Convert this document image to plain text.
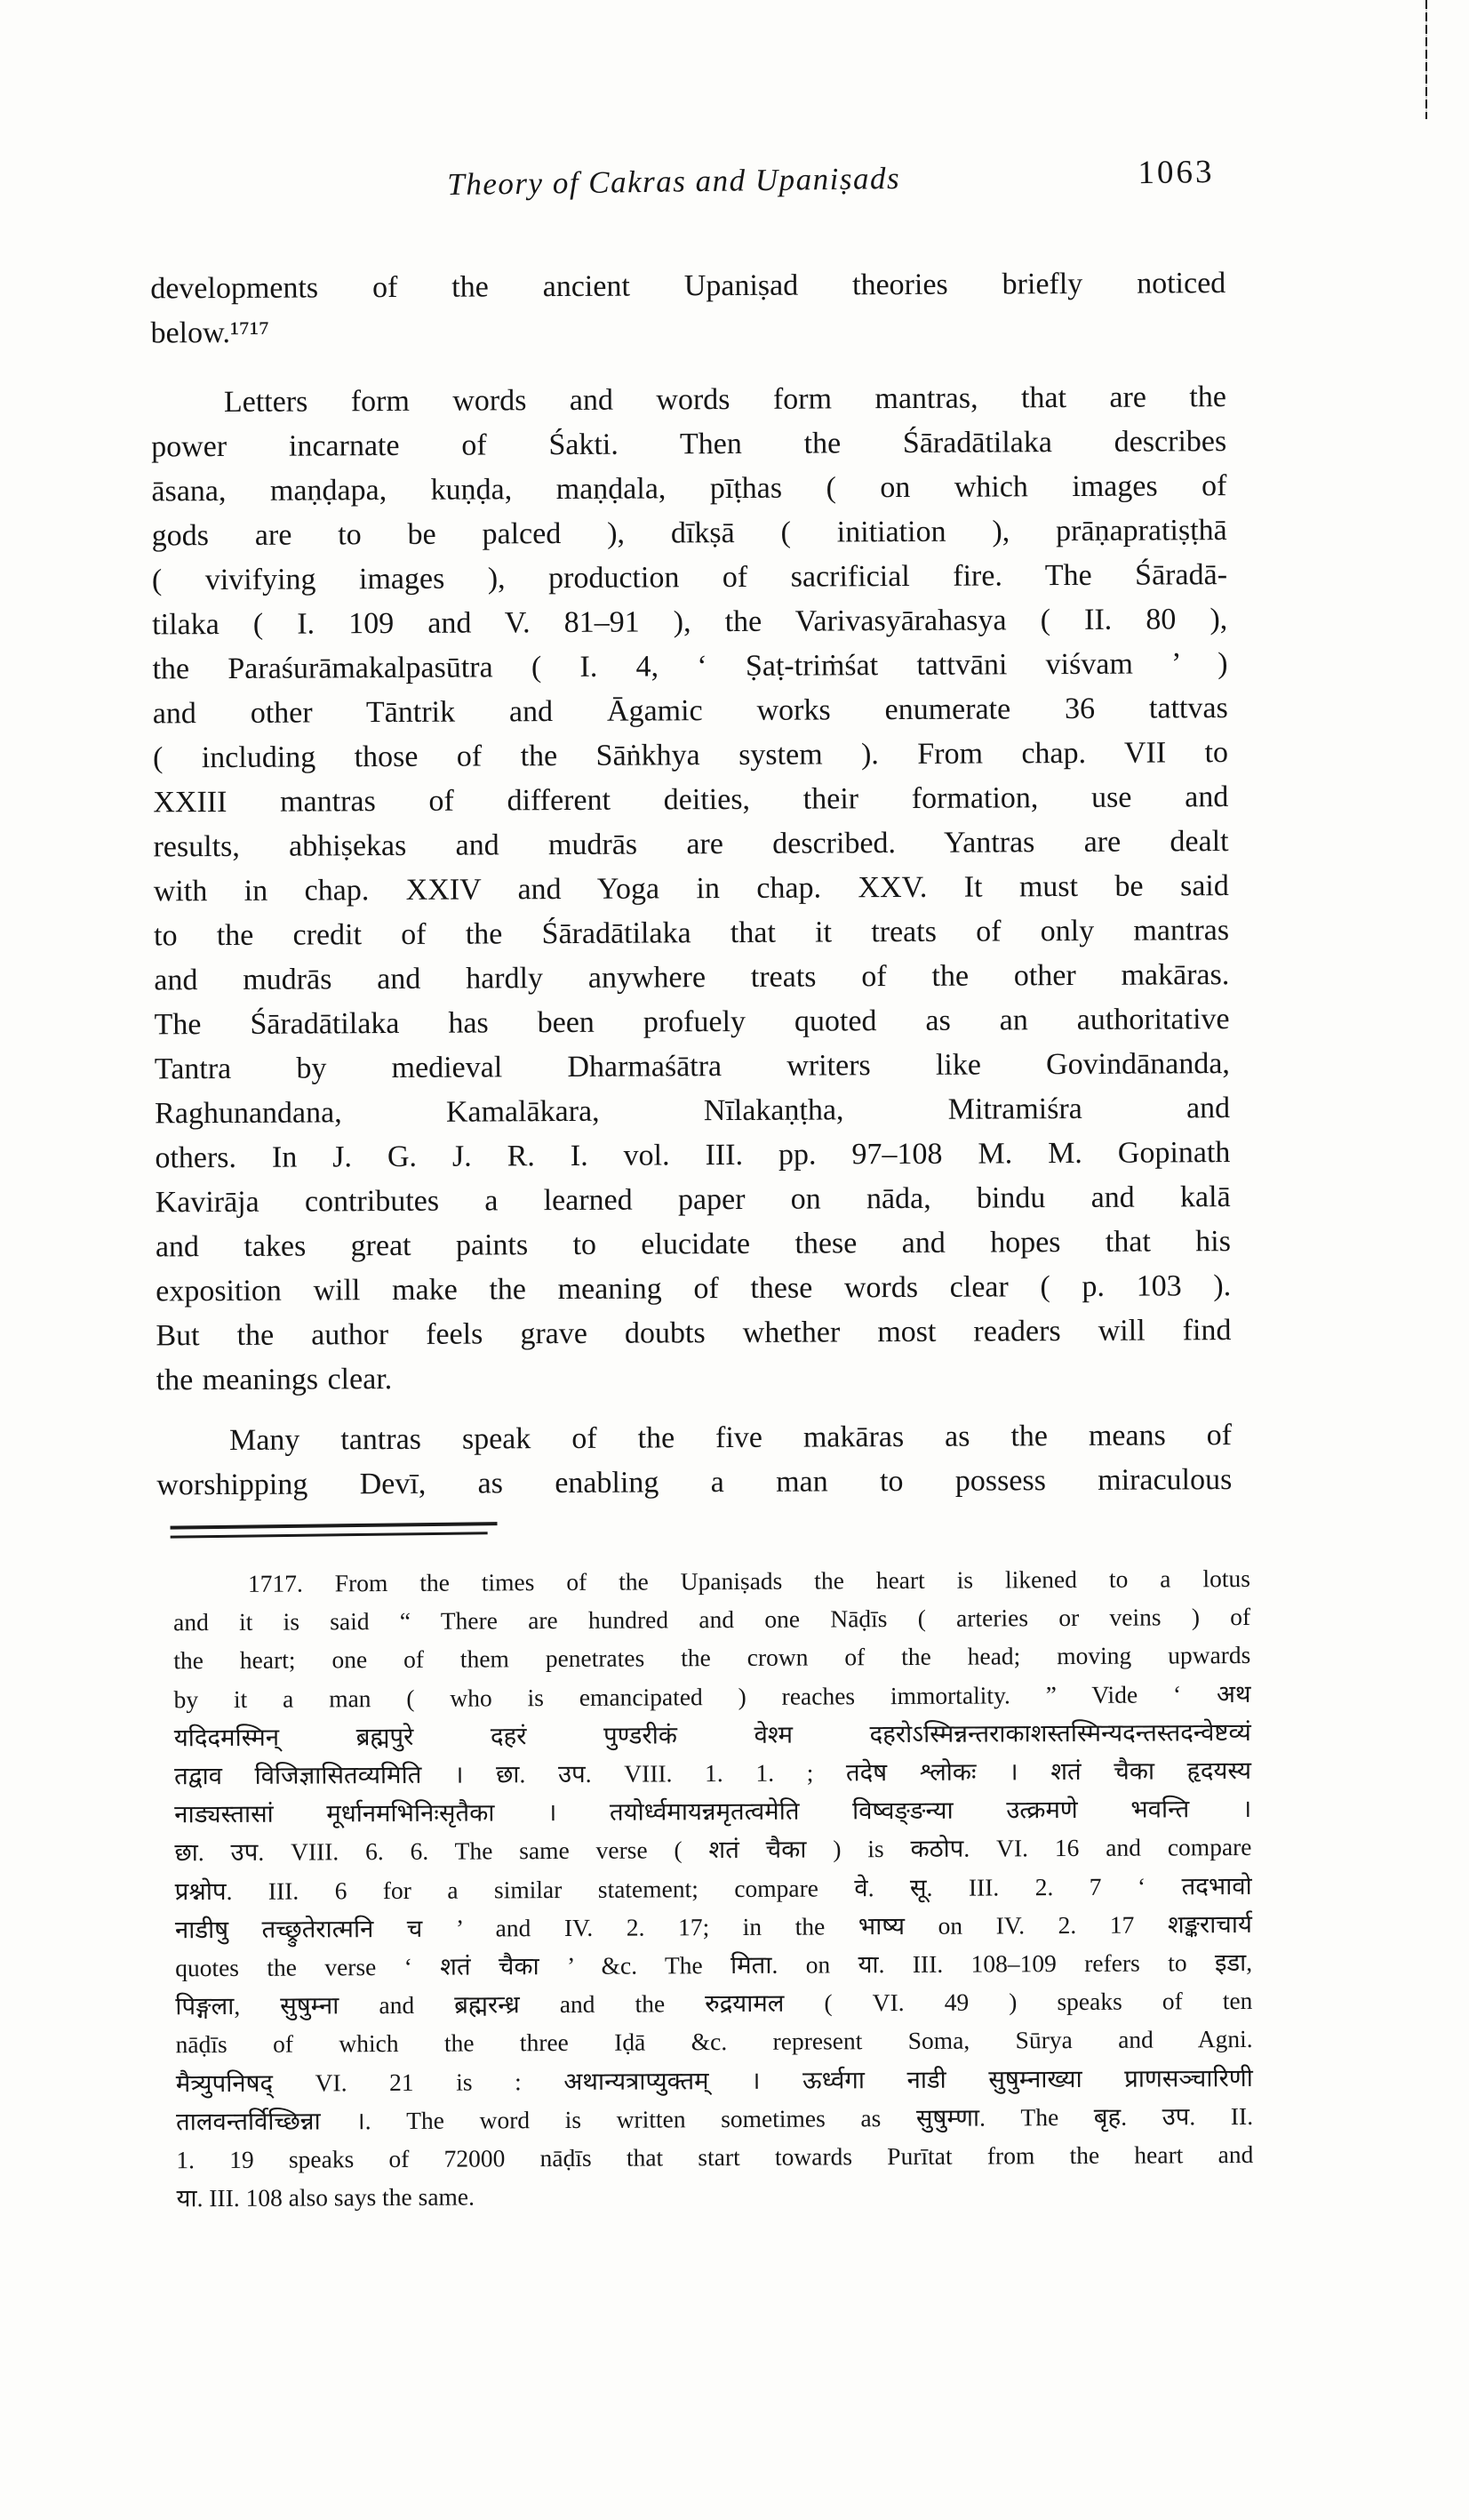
Theory of Cakras and Upaniṣads	1063
developments of the ancient Upaniṣad theories briefly noticed
below.¹⁷¹⁷
Letters form words and words form mantras, that are the
power incarnate of Śakti. Then the Śāradātilaka describes
āsana, maṇḍapa, kuṇḍa, maṇḍala, pīṭhas ( on which images of
gods are to be palced ), dīkṣā ( initiation ), prāṇapratiṣṭhā
( vivifying images ), production of sacrificial fire. The Śāradā-
tilaka ( I. 109 and V. 81–91 ), the Varivasyārahasya ( II. 80 ),
the Paraśurāmakalpasūtra ( I. 4, ‘ Ṣaṭ-triṁśat tattvāni viśvam ’ )
and other Tāntrik and Āgamic works enumerate 36 tattvas
( including those of the Sāṅkhya system ). From chap. VII to
XXIII mantras of different deities, their formation, use and
results, abhiṣekas and mudrās are described. Yantras are dealt
with in chap. XXIV and Yoga in chap. XXV. It must be said
to the credit of the Śāradātilaka that it treats of only mantras
and mudrās and hardly anywhere treats of the other makāras.
The Śāradātilaka has been profuely quoted as an authoritative
Tantra by medieval Dharmaśātra writers like Govindānanda,
Raghunandana, Kamalākara, Nīlakaṇṭha, Mitramiśra and
others. In J. G. J. R. I. vol. III. pp. 97–108 M. M. Gopinath
Kavirāja contributes a learned paper on nāda, bindu and kalā
and takes great paints to elucidate these and hopes that his
exposition will make the meaning of these words clear ( p. 103 ).
But the author feels grave doubts whether most readers will find
the meanings clear.
Many tantras speak of the five makāras as the means of
worshipping Devī, as enabling a man to possess miraculous
1717. From the times of the Upaniṣads the heart is likened to a lotus
and it is said “ There are hundred and one Nāḍīs ( arteries or veins ) of
the heart; one of them penetrates the crown of the head; moving upwards
by it a man ( who is emancipated ) reaches immortality. ” Vide ‘ अथ
यदिदमस्मिन् ब्रह्मपुरे दहरं पुण्डरीकं वेश्म दहरोऽस्मिन्नन्तराकाशस्तस्मिन्यदन्तस्तदन्वेष्टव्यं
तद्वाव विजिज्ञासितव्यमिति । छा. उप. VIII. 1. 1. ; तदेष श्लोकः । शतं चैका हृदयस्य
नाड्यस्तासां मूर्धानमभिनिःसृतैका । तयोर्ध्वमायन्नमृतत्वमेति विष्वङ्ङन्या उत्क्रमणे भवन्ति ।
छा. उप. VIII. 6. 6. The same verse ( शतं चैका ) is कठोप. VI. 16 and compare
प्रश्नोप. III. 6 for a similar statement; compare वे. सू. III. 2. 7 ‘ तदभावो
नाडीषु तच्छ्रुतेरात्मनि च ’ and IV. 2. 17; in the भाष्य on IV. 2. 17 शङ्कराचार्य
quotes the verse ‘ शतं चैका ’ &c. The मिता. on या. III. 108–109 refers to इडा,
पिङ्गला, सुषुम्ना and ब्रह्मरन्ध्र and the रुद्रयामल ( VI. 49 ) speaks of ten
nāḍīs of which the three Iḍā &c. represent Soma, Sūrya and Agni.
मैत्र्युपनिषद् VI. 21 is : अथान्यत्राप्युक्तम् । ऊर्ध्वगा नाडी सुषुम्नाख्या प्राणसञ्चारिणी
तालवन्तर्विच्छिन्ना ।. The word is written sometimes as सुषुम्णा. The बृह. उप. II.
1. 19 speaks of 72000 nāḍīs that start towards Purītat from the heart and
या. III. 108 also says the same.
